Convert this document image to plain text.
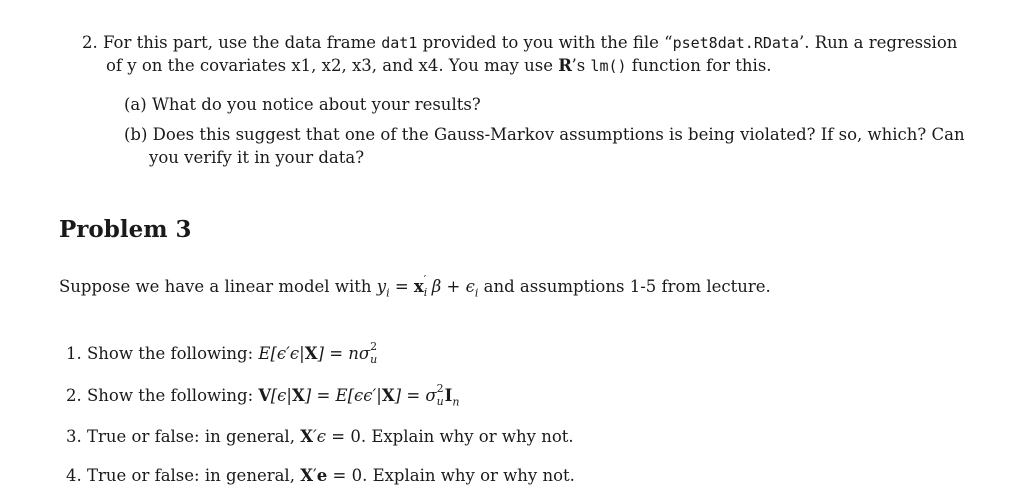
2. For this part, use the data frame dat1 provided to you with the file “pset8dat.RData’. Run a regression
of y on the covariates x1, x2, x3, and x4. You may use R’s lm() function for this.
(a) What do you notice about your results?
(b) Does this suggest that one of the Gauss-Markov assumptions is being violated? If so, which? Can
you verify it in your data?
Problem 3
Suppose we have a linear model with $y_i = x$ ′
i $\beta + \epsilon_i$ and assumptions 1-5 from lecture.
1. Show the following: E[ϵ′ϵ|X] = nσ 2
u
2. Show the following: V[ϵ|X] = E[ϵϵ′|X] = σ 2
u $I_n$
3. True or false: in general, X′ϵ = 0. Explain why or why not.
4. True or false: in general, X′e = 0. Explain why or why not.
